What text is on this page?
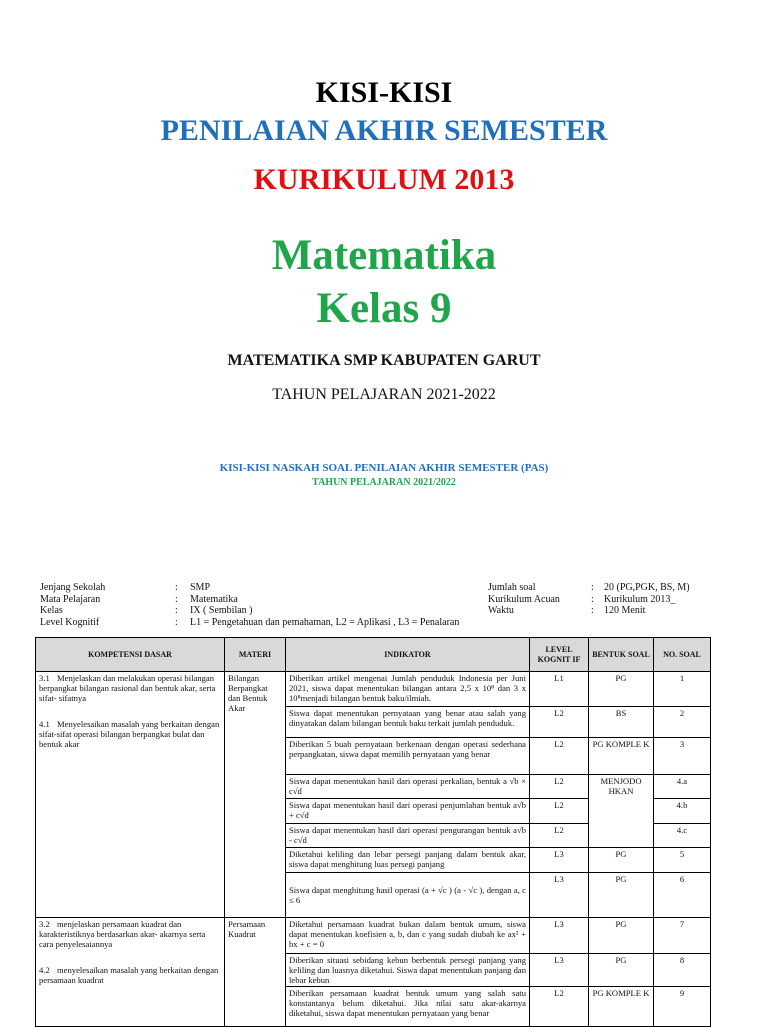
KISI-KISI
PENILAIAN AKHIR SEMESTER
KURIKULUM 2013
Matematika
Kelas 9
MATEMATIKA SMP KABUPATEN GARUT
TAHUN PELAJARAN 2021-2022
KISI-KISI NASKAH SOAL PENILAIAN AKHIR SEMESTER (PAS)
TAHUN PELAJARAN 2021/2022
Jenjang Sekolah	: SMP
Mata Pelajaran	: Matematika
Kelas	: IX ( Sembilan )
Level Kognitif	: L1 = Pengetahuan dan pemahaman, L2 = Aplikasi , L3 = Penalaran
Jumlah soal	: 20 (PG,PGK, BS, M)
Kurikulum Acuan	: Kurikulum 2013_
Waktu	: 120 Menit
KOMPETENSI DASAR	MATERI	INDIKATOR	LEVEL KOGNIT IF	BENTUK SOAL	NO. SOAL

3.1 Menjelaskan dan melakukan operasi bilangan berpangkat bilangan rasional dan bentuk akar, serta sifat- sifatnya

4.1 Menyelesaikan masalah yang berkaitan dengan sifat-sifat operasi bilangan berpangkat bulat dan bentuk akar	Bilangan Berpangkat dan Bentuk Akar	Diberikan artikel mengenai Jumlah penduduk Indonesia per Juni 2021, siswa dapat menentukan bilangan antara 2,5 x 10⁸ dan 3 x 10⁸menjadi bilangan bentuk baku/ilmiah.	L1	PG	1
		Siswa dapat menentukan pernyataan yang benar atau salah yang dinyatakan dalam bilangan bentuk baku terkait jumlah penduduk.	L2	BS	2
		Diberikan 5 buah pernyataan berkenaan dengan operasi sederhana perpangkatan, siswa dapat memilih pernyataan yang benar	L2	PG KOMPLE K	3
		Siswa dapat menentukan hasil dari operasi perkalian, bentuk a √b × c√d	L2	MENJODO HKAN	4.a
		Siswa dapat menentukan hasil dari operasi penjumlahan bentuk a√b + c√d	L2		4.b
		Siswa dapat menentukan hasil dari operasi pengurangan bentuk a√b - c√d	L2		4.c
		Diketahui keliling dan lebar persegi panjang dalam bentuk akar, siswa dapat menghitung luas persegi panjang	L3	PG	5
		Siswa dapat menghitung hasil operasi (a + √c ) (a - √c ), dengan a, c ≤ 6	L3	PG	6

3.2 menjelaskan persamaan kuadrat dan karakteristiknya berdasarkan akar- akarnya serta cara penyelesaiannya

4.2 menyelesaikan masalah yang berkaitan dengan persamaan kuadrat	Persamaan Kuadrat	Diketahui persamaan kuadrat bukan dalam bentuk umum, siswa dapat menentukan koefisien a, b, dan c yang sudah diubah ke ax² + bx + c = 0	L3	PG	7
		Diberikan situasi sebidang kebun berbentuk persegi panjang yang keliling dan luasnya diketahui. Siswa dapat menentukan panjang dan lebar kebun	L3	PG	8
		Diberikan persamaan kuadrat bentuk umum yang salah satu konstantanya belum diketahui. Jika nilai satu akar-akarnya diketahui, siswa dapat menentukan pernyataan yang benar	L2	PG KOMPLE K	9
